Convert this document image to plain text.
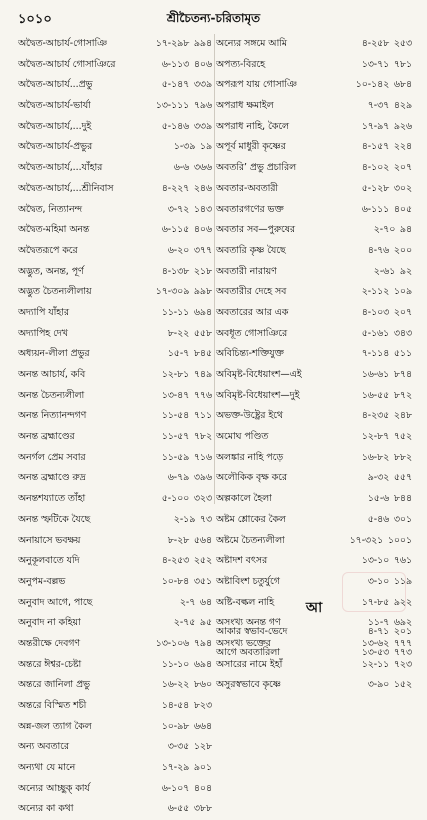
১০১০	শ্রীচৈতন্য-চরিতামৃত
অদ্বৈত-আচার্য-গোসাঞি	১৭-২৯৮  ৯৯৪
অদ্বৈত-আচার্য গোসাঞিরে	৬-১১৩  ৪০৬
অদ্বৈত-আচার্য...প্রভু	৫-১৪৭  ৩৩৯
অদ্বৈত-আচার্য-ভার্যা	১৩-১১১  ৭৯৬
অদ্বৈত-আচার্য,...দুই	৫-১৪৬  ৩৩৯
অদ্বৈত-আচার্য-প্রভুর	১-৩৯  ১৯
অদ্বৈত-আচার্য,...যাঁহার	৬-৬  ৩৬৬
অদ্বৈত-আচার্য,...শ্রীনিবাস	৪-২২৭  ২৪৬
অদ্বৈত, নিত্যানন্দ	৩-৭২  ১৪৩
অদ্বৈত-মহিমা অনন্ত	৬-১১৫  ৪০৬
অদ্বৈতরূপে করে	৬-২০  ৩৭৭
অদ্ভুত, অনন্ত, পূর্ণ	৪-১৩৮  ২১৮
অদ্ভুত চৈতন্যলীলায়	১৭-৩০৯  ৯৯৮
অদ্যাপি যাঁহার	১১-১১  ৬৯৪
অদ্যাপিহ দেখ	৮-২২  ৫৫৮
অধ্যয়ন-লীলা প্রভুর	১৫-৭  ৮৪৫
অনন্ত আচার্য, কবি	১২-৮১  ৭৪৯
অনন্ত চৈতন্যলীলা	১৩-৪৭  ৭৭৬
অনন্ত নিত্যানন্দগণ	১১-৫৪  ৭১১
অনন্ত ব্রহ্মাণ্ডের	১১-৫৭  ৭৮২
অনর্গল প্রেম সবার	১১-৫৯  ৭১৬
অনন্ত ব্রহ্মাণ্ডে রুদ্র	৬-৭৯  ৩৯৬
অনন্তশয্যাতে তাঁহা	৫-১০০  ৩২৩
অনন্ত স্ফটিকে যৈছে	২-১৯  ৭৩
অনায়াসে ভবক্ষয়	৮-২৮  ৫৬৪
অনুকূলবাতে যদি	৪-২৫৩  ২৫২
অনুপম-বল্লভ	১০-৮৪  ৩৫১
অনুবাদ আগে, পাছে	২-৭  ৬৪
অনুবাদ না কহিয়া	২-৭৫  ৯৫
অন্তরীক্ষে দেবগণ	১৩-১০৬  ৭৯৪
অন্তরে ঈশ্বর-চেষ্টা	১১-১০  ৬৯৪
অন্তরে জানিলা প্রভু	১৬-২২  ৮৬০
অন্তরে বিস্মিত শচী	১৪-৫৪  ৮২৩
অন্ন-জল ত্যাগ কৈল	১০-৯৮  ৬৬৪
অন্য অবতারে	৩-৩৫  ১২৮
অন্যথা যে মানে	১৭-২৯  ৯০১
অন্যের আচ্ছুক্ কার্য	৬-১০৭  ৪০৪
অন্যের কা কথা	৬-৫৫  ৩৮৮
অন্যের সঙ্গমে আমি	৪-২৫৮  ২৫৩
অপত্য-বিরহে	১৩-৭১  ৭৮১
অপরূপ যায় গোসাঞি	১০-১৪২  ৬৮৪
অপরাধ ক্ষমাইল	৭-৩৭  ৪২৯
অপরাধ নাহি, কৈলে	১৭-৯৭  ৯২৬
অপূর্ব মাধুরী কৃষ্ণের	৪-১৫৭  ২২৪
অবতরি’ প্রভু প্রচারিল	৪-১০২  ২০৭
অবতার-অবতারী	৫-১২৮  ৩০২
অবতারগণের ভক্ত	৬-১১১  ৪০৫
অবতার সব—পুরুষের	২-৭০  ৯৪
অবতারি কৃষ্ণ যৈছে	৪-৭৬  ২০০
অবতারী নারায়ণ	২-৬১  ৯২
অবতারীর দেহে সব	২-১১২  ১০৯
অবতারের আর এক	৪-১০৩  ২০৭
অবধূত গোসাঞিরে	৫-১৬১  ৩৪৩
অবিচিন্ত্য-শক্তিযুক্ত	৭-১১৪  ৫১১
অবিমৃষ্ট-বিধেয়াংশ—এই	১৬-৬১  ৮৭৪
অবিমৃষ্ট-বিধেয়াংশ—দুই	১৬-৫৫  ৮৭২
অভক্ত-উষ্ট্রের ইথে	৪-২৩৫  ২৪৮
অমোঘ পণ্ডিত	১২-৮৭  ৭৫২
অলঙ্কার নাহি পড়ে	১৬-৮২  ৮৮২
অলৌকিক বৃক্ষ করে	৯-৩২  ৫৫৭
অল্পকালে হৈলা	১৫-৬  ৮৪৪
অষ্টম শ্লোকের কৈল	৫-৪৬  ৩০১
অষ্টমে চৈতন্যলীলা	১৭-৩২১  ১০০১
অষ্টাদশ বৎসর	১৩-১০  ৭৬১
অষ্টাবিংশ চতুর্যুগে	৩-১০  ১১৯
অষ্টি-বল্কল নাহি	১৭-৮৫  ৯২২
অসংখ্য অনন্ত গণ	১১-৭  ৬৯২
অসংখ্য ভক্তের	১৩-৬২  ৭৭৭
অসারের নামে ইহাঁ	১২-১১  ৭২৩
অসুরস্বভাবে কৃষ্ণে	৩-৯০  ১৫২
আ
আকার স্বভাব-ভেদে	৪-৭১  ২০১
আগে অবতারিলা	১৩-৫৩  ৭৭৩
